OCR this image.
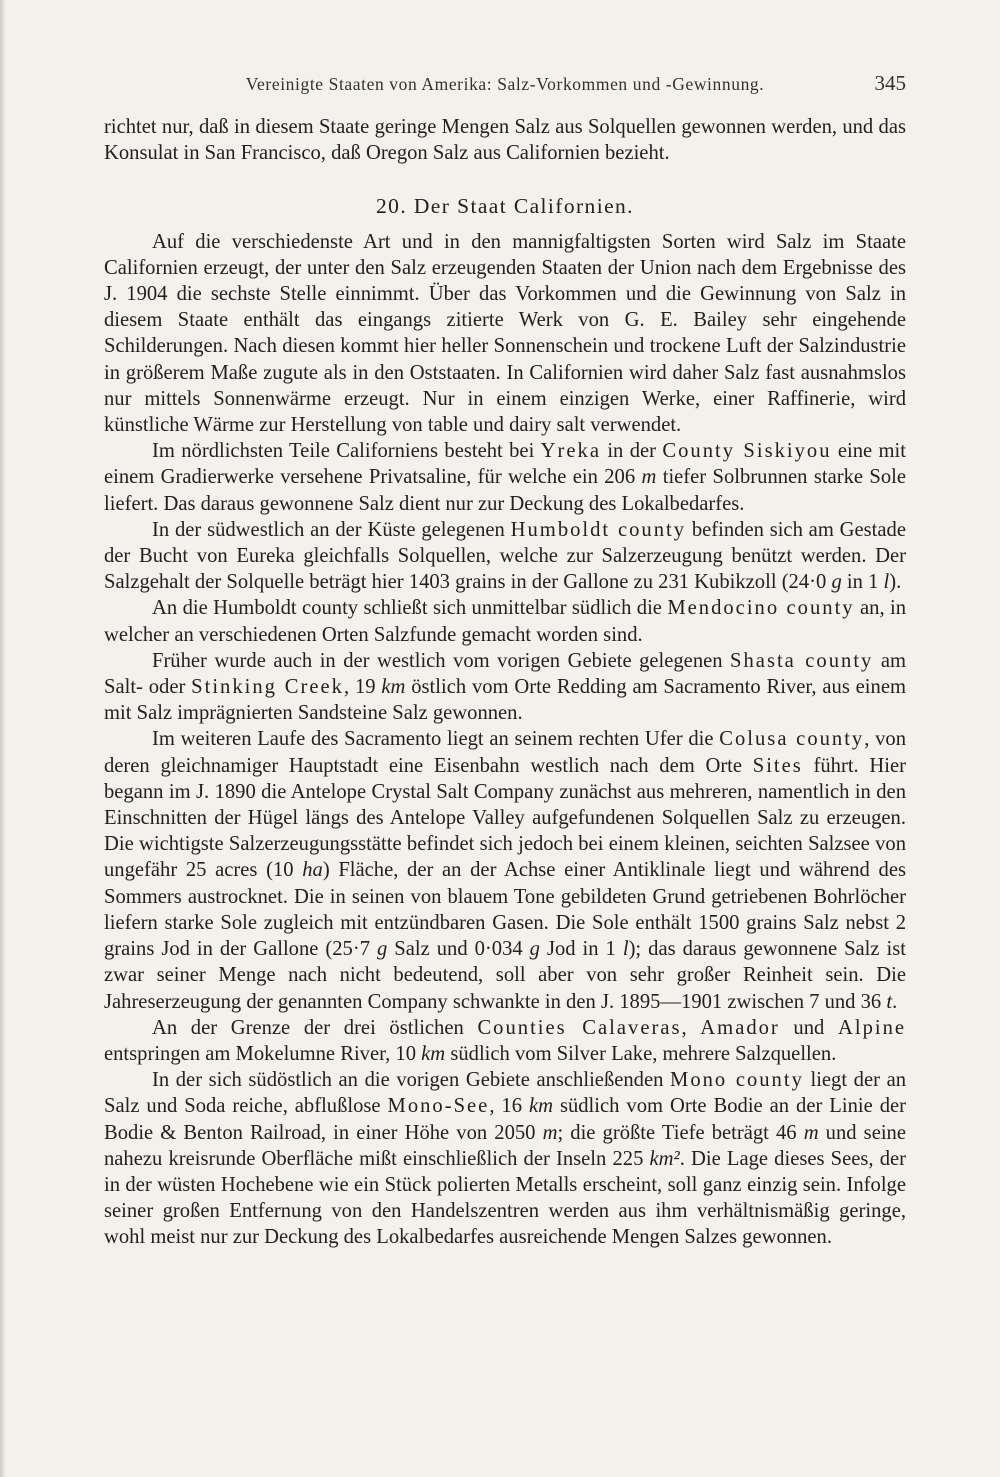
Vereinigte Staaten von Amerika: Salz-Vorkommen und -Gewinnung.	345

richtet nur, daß in diesem Staate geringe Mengen Salz aus Solquellen gewonnen werden, und das Konsulat in San Francisco, daß Oregon Salz aus Californien bezieht.

20. Der Staat Californien.

Auf die verschiedenste Art und in den mannigfaltigsten Sorten wird Salz im Staate Californien erzeugt, der unter den Salz erzeugenden Staaten der Union nach dem Ergebnisse des J. 1904 die sechste Stelle einnimmt. Über das Vorkommen und die Gewinnung von Salz in diesem Staate enthält das eingangs zitierte Werk von G. E. Bailey sehr eingehende Schilderungen. Nach diesen kommt hier heller Sonnenschein und trockene Luft der Salzindustrie in größerem Maße zugute als in den Oststaaten. In Californien wird daher Salz fast ausnahmslos nur mittels Sonnenwärme erzeugt. Nur in einem einzigen Werke, einer Raffinerie, wird künstliche Wärme zur Herstellung von table und dairy salt verwendet.

Im nördlichsten Teile Californiens besteht bei Yreka in der County Siskiyou eine mit einem Gradierwerke versehene Privatsaline, für welche ein 206 m tiefer Solbrunnen starke Sole liefert. Das daraus gewonnene Salz dient nur zur Deckung des Lokalbedarfes.

In der südwestlich an der Küste gelegenen Humboldt county befinden sich am Gestade der Bucht von Eureka gleichfalls Solquellen, welche zur Salzerzeugung benützt werden. Der Salzgehalt der Solquelle beträgt hier 1403 grains in der Gallone zu 231 Kubikzoll (24·0 g in 1 l).

An die Humboldt county schließt sich unmittelbar südlich die Mendocino county an, in welcher an verschiedenen Orten Salzfunde gemacht worden sind.

Früher wurde auch in der westlich vom vorigen Gebiete gelegenen Shasta county am Salt- oder Stinking Creek, 19 km östlich vom Orte Redding am Sacramento River, aus einem mit Salz imprägnierten Sandsteine Salz gewonnen.

Im weiteren Laufe des Sacramento liegt an seinem rechten Ufer die Colusa county, von deren gleichnamiger Hauptstadt eine Eisenbahn westlich nach dem Orte Sites führt. Hier begann im J. 1890 die Antelope Crystal Salt Company zunächst aus mehreren, namentlich in den Einschnitten der Hügel längs des Antelope Valley aufgefundenen Solquellen Salz zu erzeugen. Die wichtigste Salzerzeugungsstätte befindet sich jedoch bei einem kleinen, seichten Salzsee von ungefähr 25 acres (10 ha) Fläche, der an der Achse einer Antiklinale liegt und während des Sommers austrocknet. Die in seinen von blauem Tone gebildeten Grund getriebenen Bohrlöcher liefern starke Sole zugleich mit entzündbaren Gasen. Die Sole enthält 1500 grains Salz nebst 2 grains Jod in der Gallone (25·7 g Salz und 0·034 g Jod in 1 l); das daraus gewonnene Salz ist zwar seiner Menge nach nicht bedeutend, soll aber von sehr großer Reinheit sein. Die Jahreserzeugung der genannten Company schwankte in den J. 1895—1901 zwischen 7 und 36 t.

An der Grenze der drei östlichen Counties Calaveras, Amador und Alpine entspringen am Mokelumne River, 10 km südlich vom Silver Lake, mehrere Salzquellen.

In der sich südöstlich an die vorigen Gebiete anschließenden Mono county liegt der an Salz und Soda reiche, abflußlose Mono-See, 16 km südlich vom Orte Bodie an der Linie der Bodie & Benton Railroad, in einer Höhe von 2050 m; die größte Tiefe beträgt 46 m und seine nahezu kreisrunde Oberfläche mißt einschließlich der Inseln 225 km². Die Lage dieses Sees, der in der wüsten Hochebene wie ein Stück polierten Metalls erscheint, soll ganz einzig sein. Infolge seiner großen Entfernung von den Handelszentren werden aus ihm verhältnismäßig geringe, wohl meist nur zur Deckung des Lokalbedarfes ausreichende Mengen Salzes gewonnen.
